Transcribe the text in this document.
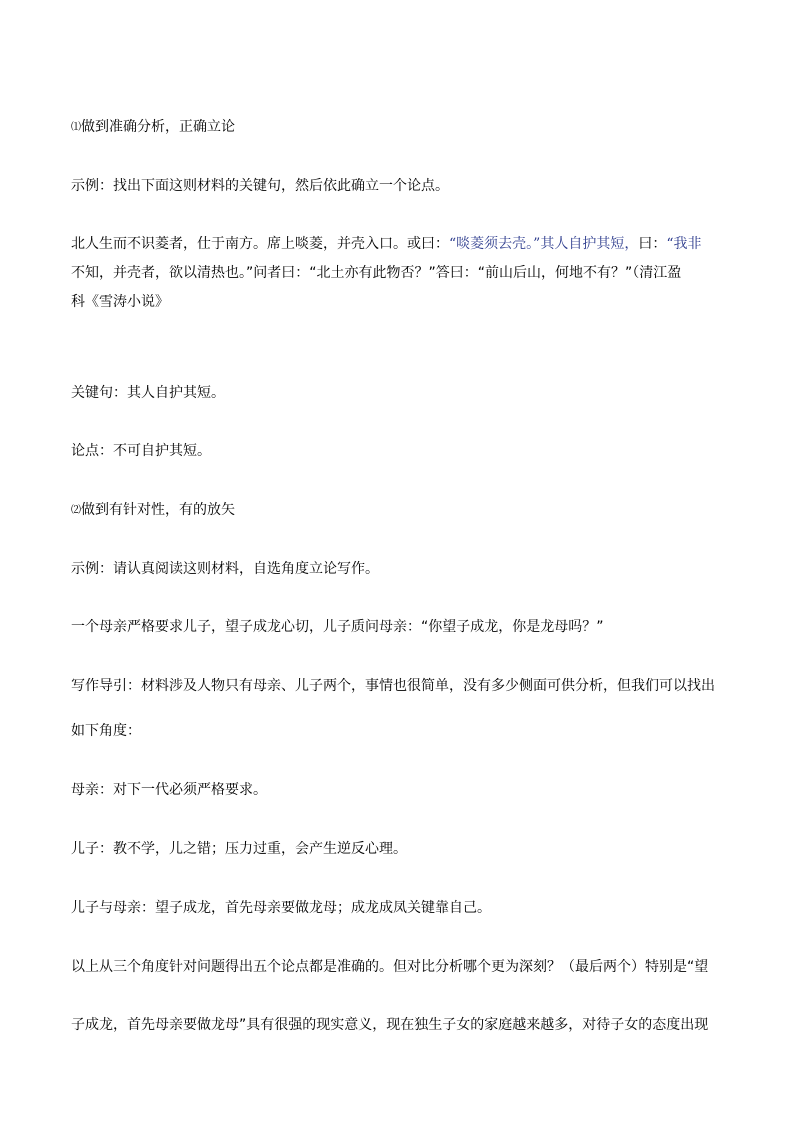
⑴做到准确分析，正确立论
示例：找出下面这则材料的关键句，然后依此确立一个论点。
北人生而不识菱者，仕于南方。席上啖菱，并壳入口。或曰：“啖菱须去壳。”其人自护其短，曰：“我非
不知，并壳者，欲以清热也。”问者曰：“北土亦有此物否？”答曰：“前山后山，何地不有？”（清江盈
科《雪涛小说》
关键句：其人自护其短。
论点：不可自护其短。
⑵做到有针对性，有的放矢
示例：请认真阅读这则材料，自选角度立论写作。
一个母亲严格要求儿子，望子成龙心切，儿子质问母亲：“你望子成龙，你是龙母吗？”
写作导引：材料涉及人物只有母亲、儿子两个，事情也很简单，没有多少侧面可供分析，但我们可以找出
如下角度：
母亲：对下一代必须严格要求。
儿子：教不学，儿之错；压力过重，会产生逆反心理。
儿子与母亲：望子成龙，首先母亲要做龙母；成龙成凤关键靠自己。
以上从三个角度针对问题得出五个论点都是准确的。但对比分析哪个更为深刻？（最后两个）特别是“望
子成龙，首先母亲要做龙母”具有很强的现实意义，现在独生子女的家庭越来越多，对待子女的态度出现
